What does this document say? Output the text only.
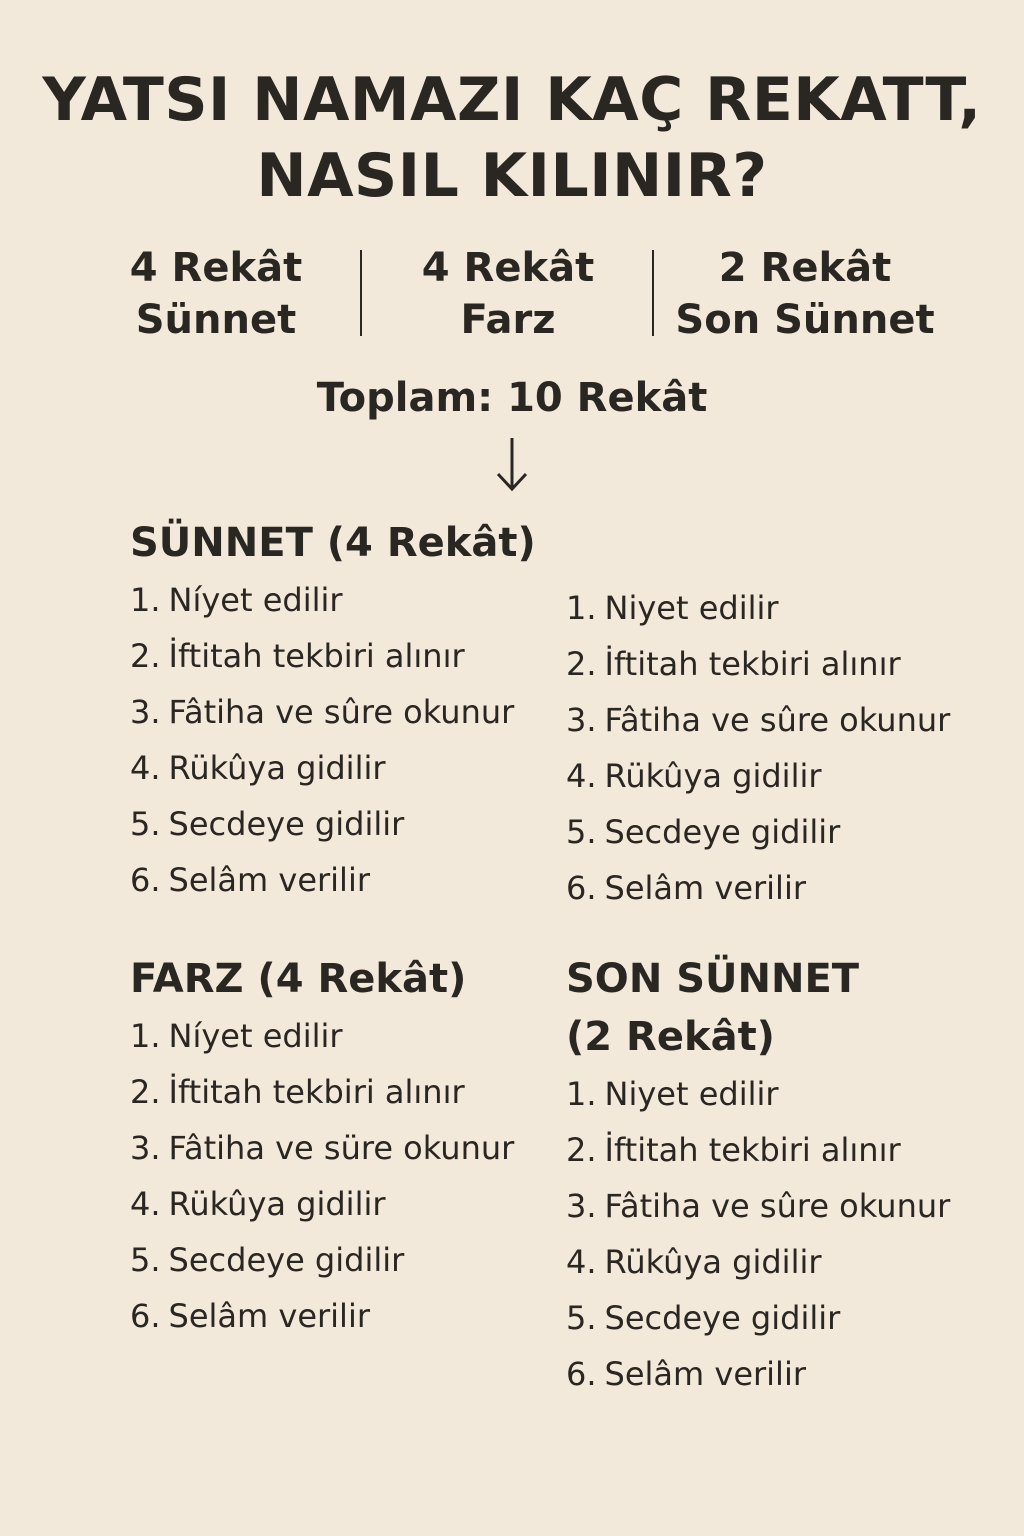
YATSI NAMAZI KAÇ REKATT,
NASIL KILINIR?
4 Rekât
Sünnet
4 Rekât
Farz
2 Rekât
Son Sünnet
Toplam: 10 Rekât
SÜNNET (4 Rekât)
1. Níyet edilir
2. İftitah tekbiri alınır
3. Fâtiha ve sûre okunur
4. Rükûya gidilir
5. Secdeye gidilir
6. Selâm verilir
1. Niyet edilir
2. İftitah tekbiri alınır
3. Fâtiha ve sûre okunur
4. Rükûya gidilir
5. Secdeye gidilir
6. Selâm verilir
FARZ (4 Rekât)
1. Níyet edilir
2. İftitah tekbiri alınır
3. Fâtiha ve süre okunur
4. Rükûya gidilir
5. Secdeye gidilir
6. Selâm verilir
SON SÜNNET
(2 Rekât)
1. Niyet edilir
2. İftitah tekbiri alınır
3. Fâtiha ve sûre okunur
4. Rükûya gidilir
5. Secdeye gidilir
6. Selâm verilir
